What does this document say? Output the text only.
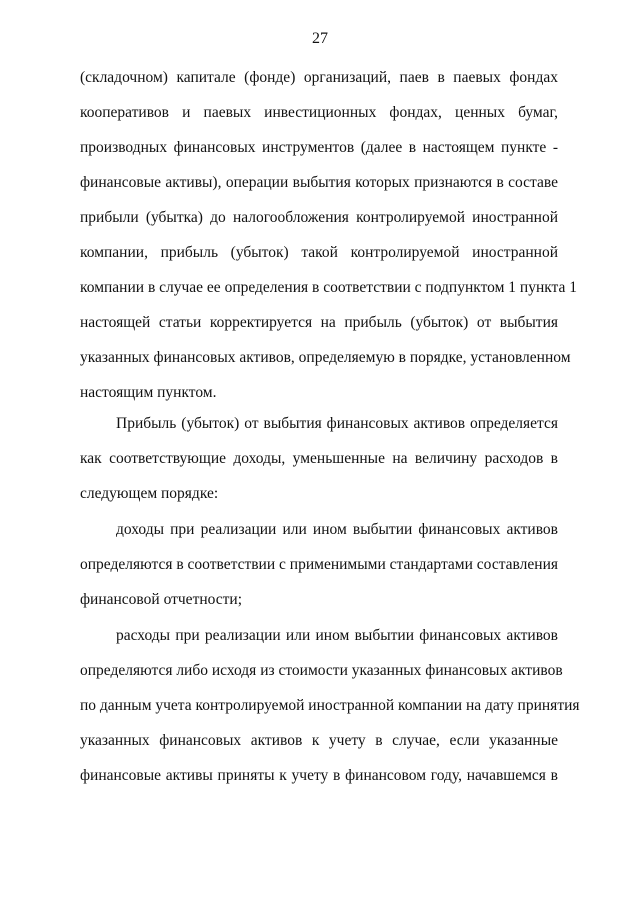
27
(складочном) капитале (фонде) организаций, паев в паевых фондах
кооперативов и паевых инвестиционных фондах, ценных бумаг,
производных финансовых инструментов (далее в настоящем пункте -
финансовые активы), операции выбытия которых признаются в составе
прибыли (убытка) до налогообложения контролируемой иностранной
компании, прибыль (убыток) такой контролируемой иностранной
компании в случае ее определения в соответствии с подпунктом 1 пункта 1
настоящей статьи корректируется на прибыль (убыток) от выбытия
указанных финансовых активов, определяемую в порядке, установленном
настоящим пунктом.
Прибыль (убыток) от выбытия финансовых активов определяется
как соответствующие доходы, уменьшенные на величину расходов в
следующем порядке:
доходы при реализации или ином выбытии финансовых активов
определяются в соответствии с применимыми стандартами составления
финансовой отчетности;
расходы при реализации или ином выбытии финансовых активов
определяются либо исходя из стоимости указанных финансовых активов
по данным учета контролируемой иностранной компании на дату принятия
указанных финансовых активов к учету в случае, если указанные
финансовые активы приняты к учету в финансовом году, начавшемся в
